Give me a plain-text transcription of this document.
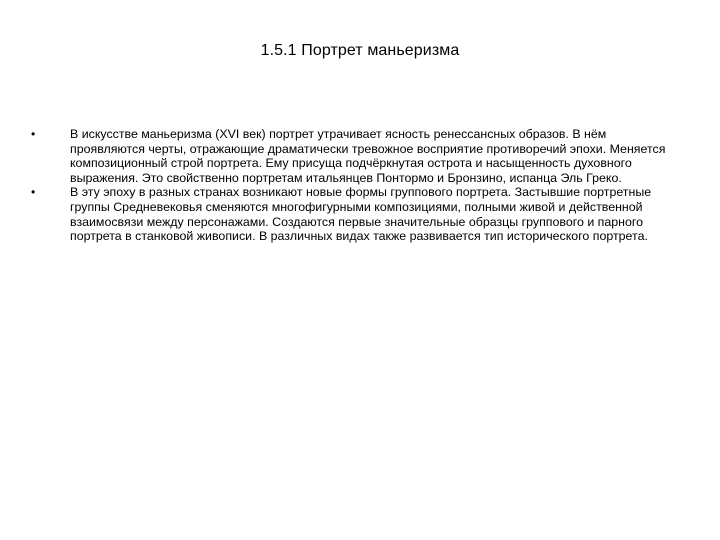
1.5.1 Портрет маньеризма
•	В искусстве маньеризма (XVI век) портрет утрачивает ясность ренессансных образов. В нём проявляются черты, отражающие драматически тревожное восприятие противоречий эпохи. Меняется композиционный строй портрета. Ему присуща подчёркнутая острота и насыщенность духовного выражения. Это свойственно портретам итальянцев Понтормо и Бронзино, испанца Эль Греко.
•	В эту эпоху в разных странах возникают новые формы группового портрета. Застывшие портретные группы Средневековья сменяются многофигурными композициями, полными живой и действенной взаимосвязи между персонажами. Создаются первые значительные образцы группового и парного портрета в станковой живописи. В различных видах также развивается тип исторического портрета.
